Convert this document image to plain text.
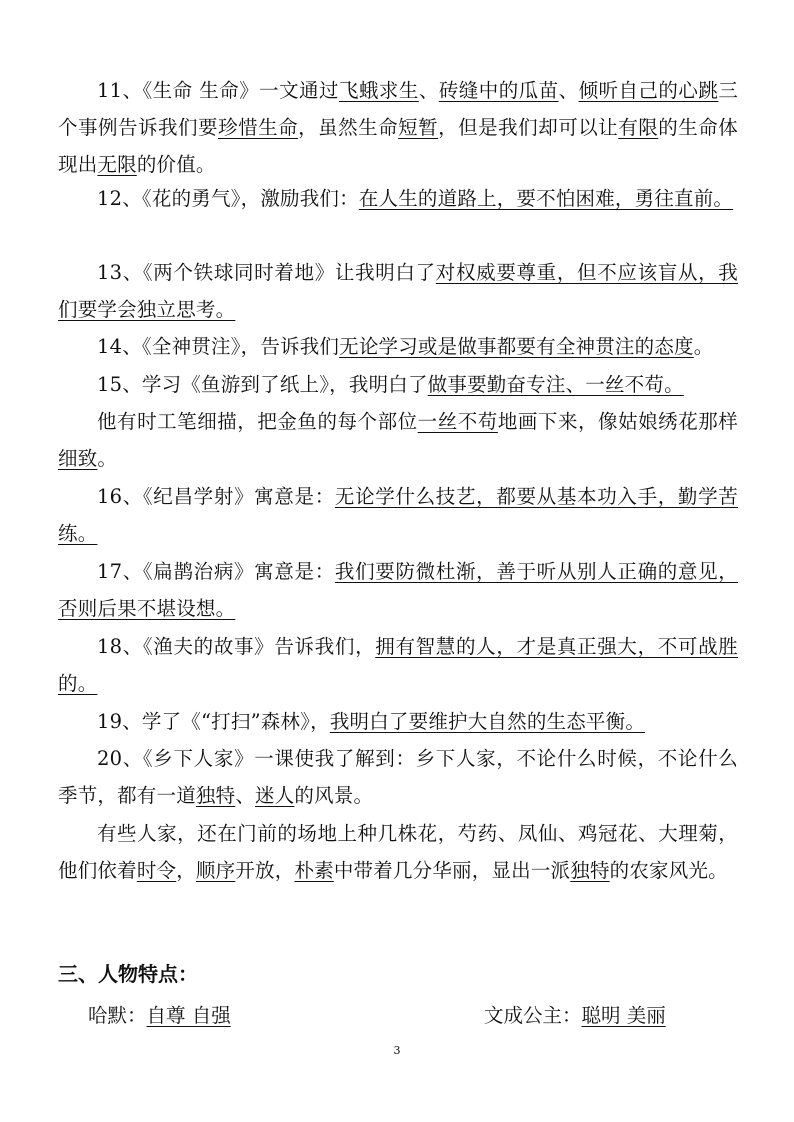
11、《生命 生命》一文通过飞蛾求生、砖缝中的瓜苗、倾听自己的心跳三个事例告诉我们要珍惜生命，虽然生命短暂，但是我们却可以让有限的生命体现出无限的价值。

12、《花的勇气》，激励我们：在人生的道路上，要不怕困难，勇往直前。

13、《两个铁球同时着地》让我明白了对权威要尊重，但不应该盲从，我们要学会独立思考。

14、《全神贯注》，告诉我们无论学习或是做事都要有全神贯注的态度。

15、学习《鱼游到了纸上》，我明白了做事要勤奋专注、一丝不苟。

他有时工笔细描，把金鱼的每个部位一丝不苟地画下来，像姑娘绣花那样细致。

16、《纪昌学射》寓意是：无论学什么技艺，都要从基本功入手，勤学苦练。

17、《扁鹊治病》寓意是：我们要防微杜渐，善于听从别人正确的意见，否则后果不堪设想。

18、《渔夫的故事》告诉我们，拥有智慧的人，才是真正强大，不可战胜的。

19、学了《“打扫”森林》，我明白了要维护大自然的生态平衡。

20、《乡下人家》一课使我了解到：乡下人家，不论什么时候，不论什么季节，都有一道独特、迷人的风景。

有些人家，还在门前的场地上种几株花，芍药、凤仙、鸡冠花、大理菊，他们依着时令，顺序开放，朴素中带着几分华丽，显出一派独特的农家风光。

三、人物特点：
哈默：自尊 自强	文成公主：聪明 美丽
3
